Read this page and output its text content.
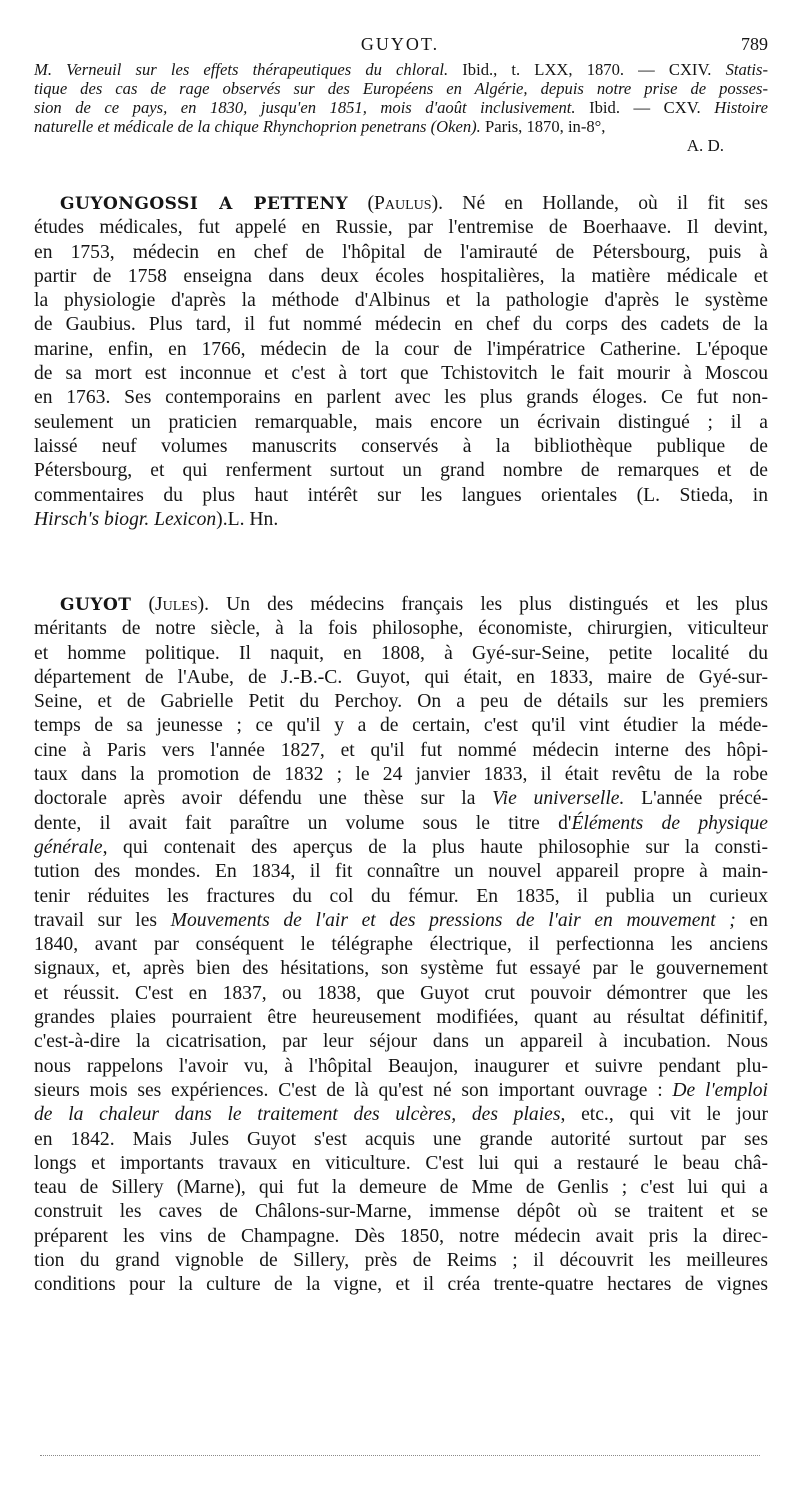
GUYOT.	789
M. Verneuil sur les effets thérapeutiques du chloral. Ibid., t. LXX, 1870. — CXIV. Statis-
tique des cas de rage observés sur des Européens en Algérie, depuis notre prise de posses-
sion de ce pays, en 1830, jusqu'en 1851, mois d'août inclusivement. Ibid. — CXV. Histoire
naturelle et médicale de la chique Rhynchoprion penetrans (Oken). Paris, 1870, in-8°,
A. D.
GUYONGOSSI A PETTENY (Paulus). Né en Hollande, où il fit ses
études médicales, fut appelé en Russie, par l'entremise de Boerhaave. Il devint,
en 1753, médecin en chef de l'hôpital de l'amirauté de Pétersbourg, puis à
partir de 1758 enseigna dans deux écoles hospitalières, la matière médicale et
la physiologie d'après la méthode d'Albinus et la pathologie d'après le système
de Gaubius. Plus tard, il fut nommé médecin en chef du corps des cadets de la
marine, enfin, en 1766, médecin de la cour de l'impératrice Catherine. L'époque
de sa mort est inconnue et c'est à tort que Tchistovitch le fait mourir à Moscou
en 1763. Ses contemporains en parlent avec les plus grands éloges. Ce fut non-
seulement un praticien remarquable, mais encore un écrivain distingué ; il a
laissé neuf volumes manuscrits conservés à la bibliothèque publique de
Pétersbourg, et qui renferment surtout un grand nombre de remarques et de
commentaires du plus haut intérêt sur les langues orientales (L. Stieda, in
Hirsch's biogr. Lexicon).L. Hn.
GUYOT (Jules). Un des médecins français les plus distingués et les plus
méritants de notre siècle, à la fois philosophe, économiste, chirurgien, viticulteur
et homme politique. Il naquit, en 1808, à Gyé-sur-Seine, petite localité du
département de l'Aube, de J.-B.-C. Guyot, qui était, en 1833, maire de Gyé-sur-
Seine, et de Gabrielle Petit du Perchoy. On a peu de détails sur les premiers
temps de sa jeunesse ; ce qu'il y a de certain, c'est qu'il vint étudier la méde-
cine à Paris vers l'année 1827, et qu'il fut nommé médecin interne des hôpi-
taux dans la promotion de 1832 ; le 24 janvier 1833, il était revêtu de la robe
doctorale après avoir défendu une thèse sur la Vie universelle. L'année précé-
dente, il avait fait paraître un volume sous le titre d'Éléments de physique
générale, qui contenait des aperçus de la plus haute philosophie sur la consti-
tution des mondes. En 1834, il fit connaître un nouvel appareil propre à main-
tenir réduites les fractures du col du fémur. En 1835, il publia un curieux
travail sur les Mouvements de l'air et des pressions de l'air en mouvement ; en
1840, avant par conséquent le télégraphe électrique, il perfectionna les anciens
signaux, et, après bien des hésitations, son système fut essayé par le gouvernement
et réussit. C'est en 1837, ou 1838, que Guyot crut pouvoir démontrer que les
grandes plaies pourraient être heureusement modifiées, quant au résultat définitif,
c'est-à-dire la cicatrisation, par leur séjour dans un appareil à incubation. Nous
nous rappelons l'avoir vu, à l'hôpital Beaujon, inaugurer et suivre pendant plu-
sieurs mois ses expériences. C'est de là qu'est né son important ouvrage : De l'emploi
de la chaleur dans le traitement des ulcères, des plaies, etc., qui vit le jour
en 1842. Mais Jules Guyot s'est acquis une grande autorité surtout par ses
longs et importants travaux en viticulture. C'est lui qui a restauré le beau châ-
teau de Sillery (Marne), qui fut la demeure de Mme de Genlis ; c'est lui qui a
construit les caves de Châlons-sur-Marne, immense dépôt où se traitent et se
préparent les vins de Champagne. Dès 1850, notre médecin avait pris la direc-
tion du grand vignoble de Sillery, près de Reims ; il découvrit les meilleures
conditions pour la culture de la vigne, et il créa trente-quatre hectares de vignes
